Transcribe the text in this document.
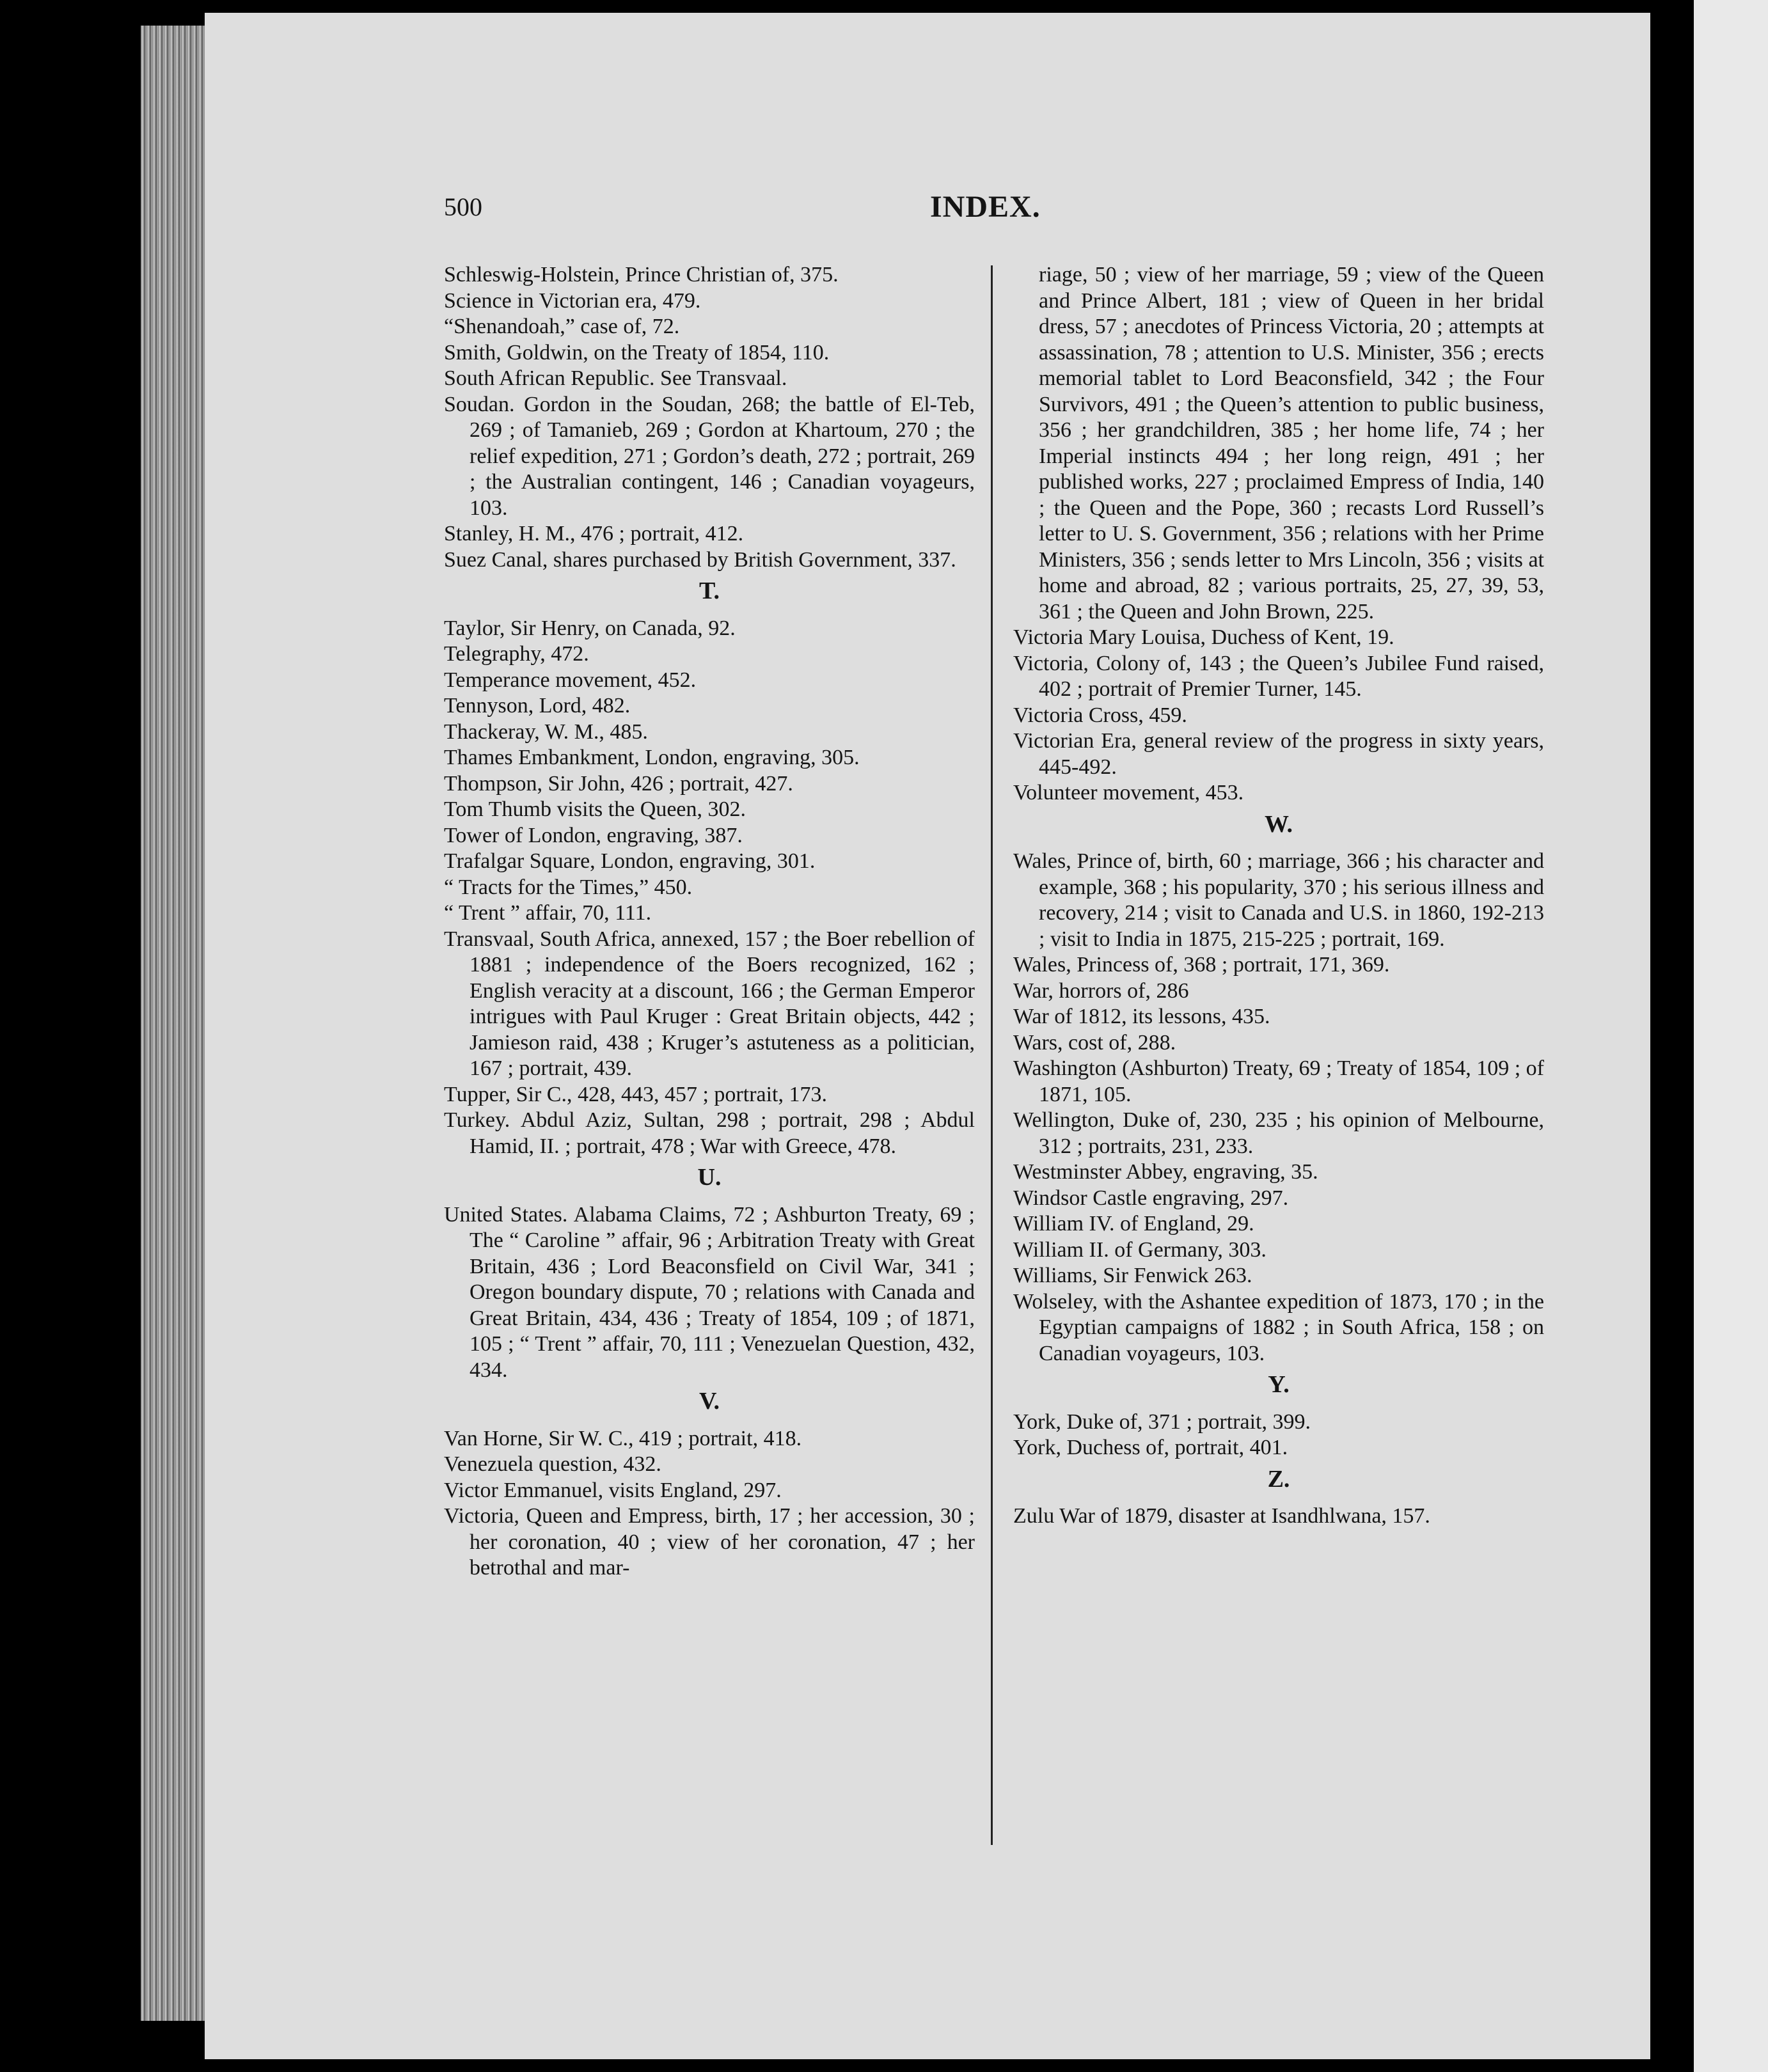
500	INDEX.

Schleswig-Holstein, Prince Christian of, 375.

Science in Victorian era, 479.

“Shenandoah,” case of, 72.

Smith, Goldwin, on the Treaty of 1854, 110.

South African Republic. See Transvaal.

Soudan. Gordon in the Soudan, 268; the battle of El-Teb, 269 ; of Tamanieb, 269 ; Gordon at Khartoum, 270 ; the relief expedition, 271 ; Gordon’s death, 272 ; portrait, 269 ; the Australian contingent, 146 ; Canadian voyageurs, 103.

Stanley, H. M., 476 ; portrait, 412.

Suez Canal, shares purchased by British Government, 337.

T.

Taylor, Sir Henry, on Canada, 92.

Telegraphy, 472.

Temperance movement, 452.

Tennyson, Lord, 482.

Thackeray, W. M., 485.

Thames Embankment, London, engraving, 305.

Thompson, Sir John, 426 ; portrait, 427.

Tom Thumb visits the Queen, 302.

Tower of London, engraving, 387.

Trafalgar Square, London, engraving, 301.

“ Tracts for the Times,” 450.

“ Trent ” affair, 70, 111.

Transvaal, South Africa, annexed, 157 ; the Boer rebellion of 1881 ; independence of the Boers recognized, 162 ; English veracity at a discount, 166 ; the German Emperor intrigues with Paul Kruger : Great Britain objects, 442 ; Jamieson raid, 438 ; Kruger’s astuteness as a politician, 167 ; portrait, 439.

Tupper, Sir C., 428, 443, 457 ; portrait, 173.

Turkey. Abdul Aziz, Sultan, 298 ; portrait, 298 ; Abdul Hamid, II. ; portrait, 478 ; War with Greece, 478.

U.

United States. Alabama Claims, 72 ; Ashburton Treaty, 69 ; The “ Caroline ” affair, 96 ; Arbitration Treaty with Great Britain, 436 ; Lord Beaconsfield on Civil War, 341 ; Oregon boundary dispute, 70 ; relations with Canada and Great Britain, 434, 436 ; Treaty of 1854, 109 ; of 1871, 105 ; “ Trent ” affair, 70, 111 ; Venezuelan Question, 432, 434.

V.

Van Horne, Sir W. C., 419 ; portrait, 418.

Venezuela question, 432.

Victor Emmanuel, visits England, 297.

Victoria, Queen and Empress, birth, 17 ; her accession, 30 ; her coronation, 40 ; view of her coronation, 47 ; her betrothal and mar-

riage, 50 ; view of her marriage, 59 ; view of the Queen and Prince Albert, 181 ; view of Queen in her bridal dress, 57 ; anecdotes of Princess Victoria, 20 ; attempts at assassination, 78 ; attention to U.S. Minister, 356 ; erects memorial tablet to Lord Beaconsfield, 342 ; the Four Survivors, 491 ; the Queen’s attention to public business, 356 ; her grandchildren, 385 ; her home life, 74 ; her Imperial instincts 494 ; her long reign, 491 ; her published works, 227 ; proclaimed Empress of India, 140 ; the Queen and the Pope, 360 ; recasts Lord Russell’s letter to U. S. Government, 356 ; relations with her Prime Ministers, 356 ; sends letter to Mrs Lincoln, 356 ; visits at home and abroad, 82 ; various portraits, 25, 27, 39, 53, 361 ; the Queen and John Brown, 225.

Victoria Mary Louisa, Duchess of Kent, 19.

Victoria, Colony of, 143 ; the Queen’s Jubilee Fund raised, 402 ; portrait of Premier Turner, 145.

Victoria Cross, 459.

Victorian Era, general review of the progress in sixty years, 445-492.

Volunteer movement, 453.

W.

Wales, Prince of, birth, 60 ; marriage, 366 ; his character and example, 368 ; his popularity, 370 ; his serious illness and recovery, 214 ; visit to Canada and U.S. in 1860, 192-213 ; visit to India in 1875, 215-225 ; portrait, 169.

Wales, Princess of, 368 ; portrait, 171, 369.

War, horrors of, 286

War of 1812, its lessons, 435.

Wars, cost of, 288.

Washington (Ashburton) Treaty, 69 ; Treaty of 1854, 109 ; of 1871, 105.

Wellington, Duke of, 230, 235 ; his opinion of Melbourne, 312 ; portraits, 231, 233.

Westminster Abbey, engraving, 35.

Windsor Castle engraving, 297.

William IV. of England, 29.

William II. of Germany, 303.

Williams, Sir Fenwick 263.

Wolseley, with the Ashantee expedition of 1873, 170 ; in the Egyptian campaigns of 1882 ; in South Africa, 158 ; on Canadian voyageurs, 103.

Y.

York, Duke of, 371 ; portrait, 399.

York, Duchess of, portrait, 401.

Z.

Zulu War of 1879, disaster at Isandhlwana, 157.
